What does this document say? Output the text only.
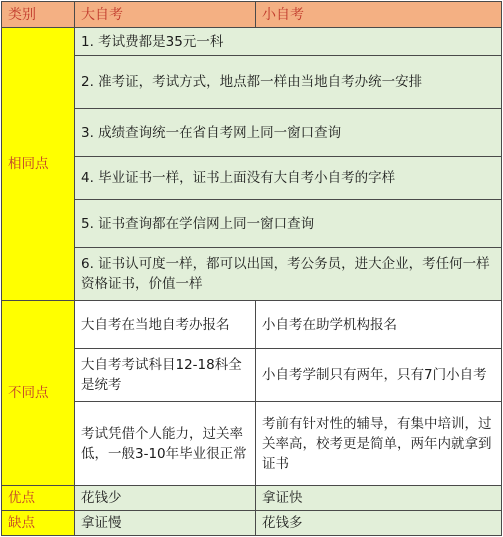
类别	大自考	小自考
相同点	1. 考试费都是35元一科	
	2. 准考证，考试方式，地点都一样由当地自考办统一安排	
	3. 成绩查询统一在省自考网上同一窗口查询	
	4. 毕业证书一样，证书上面没有大自考小自考的字样	
	5. 证书查询都在学信网上同一窗口查询	
	6. 证书认可度一样，都可以出国，考公务员，进大企业，考任何一样资格证书，价值一样	
不同点	大自考在当地自考办报名	小自考在助学机构报名
	大自考考试科目12-18科全是统考	小自考学制只有两年，只有7门小自考
	考试凭借个人能力，过关率低，一般3-10年毕业很正常	考前有针对性的辅导，有集中培训，过关率高，校考更是简单，两年内就拿到证书
优点	花钱少	拿证快
缺点	拿证慢	花钱多
